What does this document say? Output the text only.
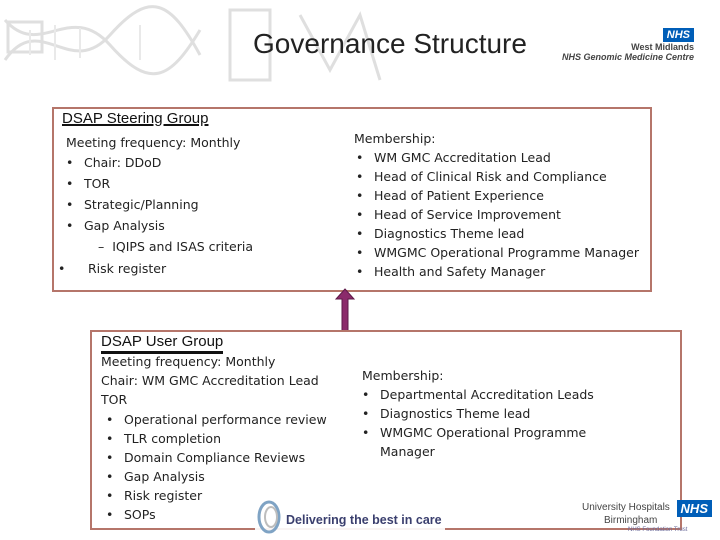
Governance Structure	NHS
West Midlands
NHS Genomic Medicine Centre
DSAP Steering Group
Meeting frequency: Monthly
• Chair: DDoD
• TOR
• Strategic/Planning
• Gap Analysis
–  IQIPS and ISAS criteria
• Risk register
Membership:
• WM GMC Accreditation Lead
• Head of Clinical Risk and Compliance
• Head of Patient Experience
• Head of Service Improvement
• Diagnostics Theme lead
• WMGMC Operational Programme Manager
• Health and Safety Manager
DSAP User Group
Meeting frequency: Monthly
Chair: WM GMC Accreditation Lead
TOR
• Operational performance review
• TLR completion
• Domain Compliance Reviews
• Gap Analysis
• Risk register
• SOPs
Membership:
• Departmental Accreditation Leads
• Diagnostics Theme lead
• WMGMC Operational Programme
Manager
Delivering the best in care
University Hospitals
Birmingham
NHS Foundation Trust
NHS
